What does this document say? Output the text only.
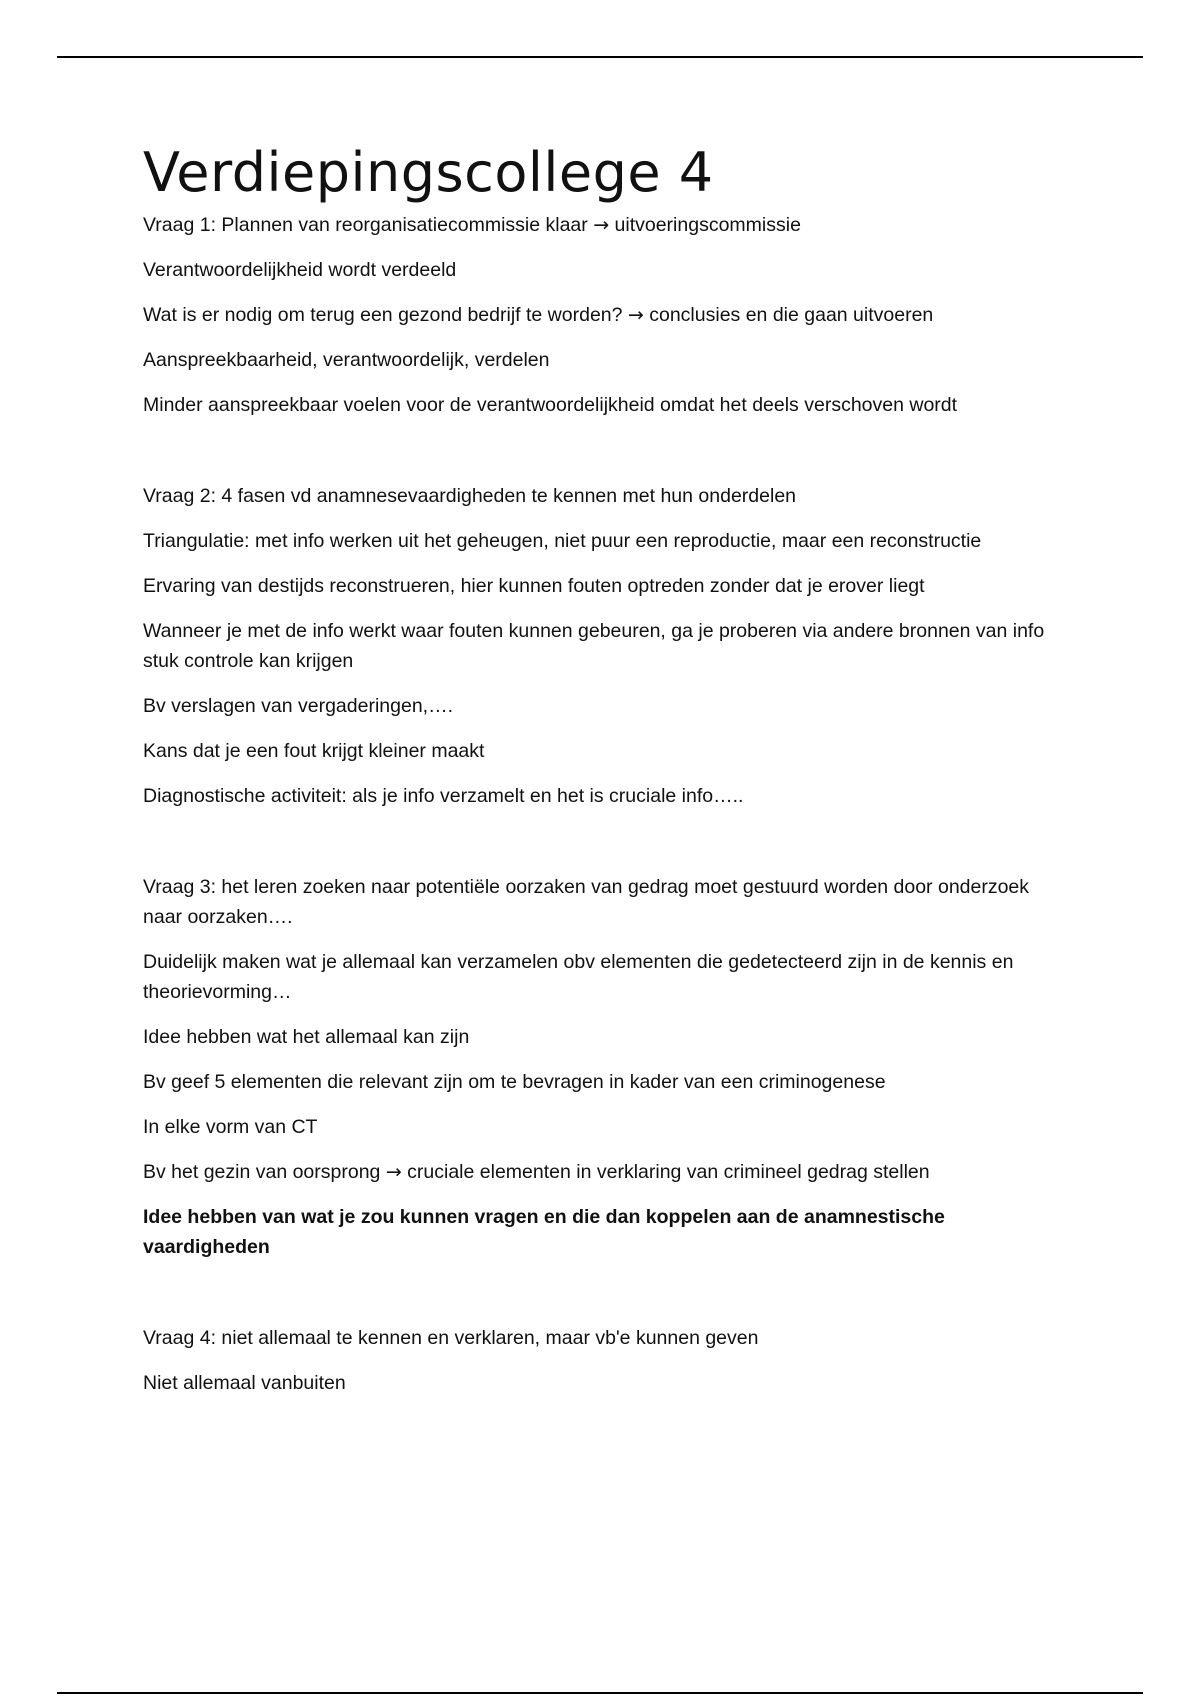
Verdiepingscollege 4

Vraag 1: Plannen van reorganisatiecommissie klaar → uitvoeringscommissie

Verantwoordelijkheid wordt verdeeld

Wat is er nodig om terug een gezond bedrijf te worden? → conclusies en die gaan uitvoeren

Aanspreekbaarheid, verantwoordelijk, verdelen

Minder aanspreekbaar voelen voor de verantwoordelijkheid omdat het deels verschoven wordt

Vraag 2: 4 fasen vd anamnesevaardigheden te kennen met hun onderdelen

Triangulatie: met info werken uit het geheugen, niet puur een reproductie, maar een reconstructie

Ervaring van destijds reconstrueren, hier kunnen fouten optreden zonder dat je erover liegt

Wanneer je met de info werkt waar fouten kunnen gebeuren, ga je proberen via andere bronnen van info stuk controle kan krijgen

Bv verslagen van vergaderingen,….

Kans dat je een fout krijgt kleiner maakt

Diagnostische activiteit: als je info verzamelt en het is cruciale info…..

Vraag 3: het leren zoeken naar potentiële oorzaken van gedrag moet gestuurd worden door onderzoek naar oorzaken….

Duidelijk maken wat je allemaal kan verzamelen obv elementen die gedetecteerd zijn in de kennis en theorievorming…

Idee hebben wat het allemaal kan zijn

Bv geef 5 elementen die relevant zijn om te bevragen in kader van een criminogenese

In elke vorm van CT

Bv het gezin van oorsprong → cruciale elementen in verklaring van crimineel gedrag stellen

Idee hebben van wat je zou kunnen vragen en die dan koppelen aan de anamnestische vaardigheden

Vraag 4: niet allemaal te kennen en verklaren, maar vb'e kunnen geven

Niet allemaal vanbuiten
